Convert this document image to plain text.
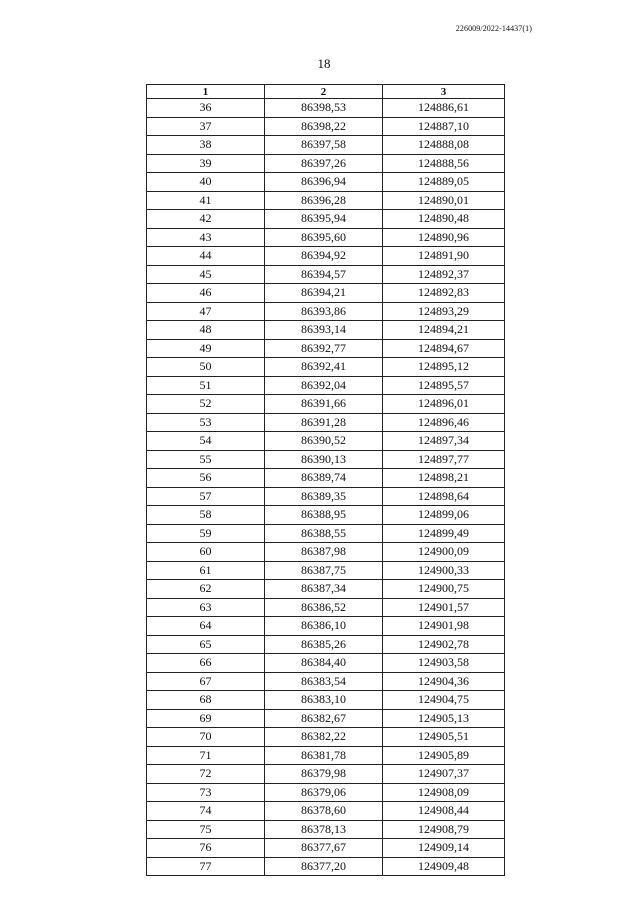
226009/2022-14437(1)
18
1	2	3
36	86398,53	124886,61
37	86398,22	124887,10
38	86397,58	124888,08
39	86397,26	124888,56
40	86396,94	124889,05
41	86396,28	124890,01
42	86395,94	124890,48
43	86395,60	124890,96
44	86394,92	124891,90
45	86394,57	124892,37
46	86394,21	124892,83
47	86393,86	124893,29
48	86393,14	124894,21
49	86392,77	124894,67
50	86392,41	124895,12
51	86392,04	124895,57
52	86391,66	124896,01
53	86391,28	124896,46
54	86390,52	124897,34
55	86390,13	124897,77
56	86389,74	124898,21
57	86389,35	124898,64
58	86388,95	124899,06
59	86388,55	124899,49
60	86387,98	124900,09
61	86387,75	124900,33
62	86387,34	124900,75
63	86386,52	124901,57
64	86386,10	124901,98
65	86385,26	124902,78
66	86384,40	124903,58
67	86383,54	124904,36
68	86383,10	124904,75
69	86382,67	124905,13
70	86382,22	124905,51
71	86381,78	124905,89
72	86379,98	124907,37
73	86379,06	124908,09
74	86378,60	124908,44
75	86378,13	124908,79
76	86377,67	124909,14
77	86377,20	124909,48
